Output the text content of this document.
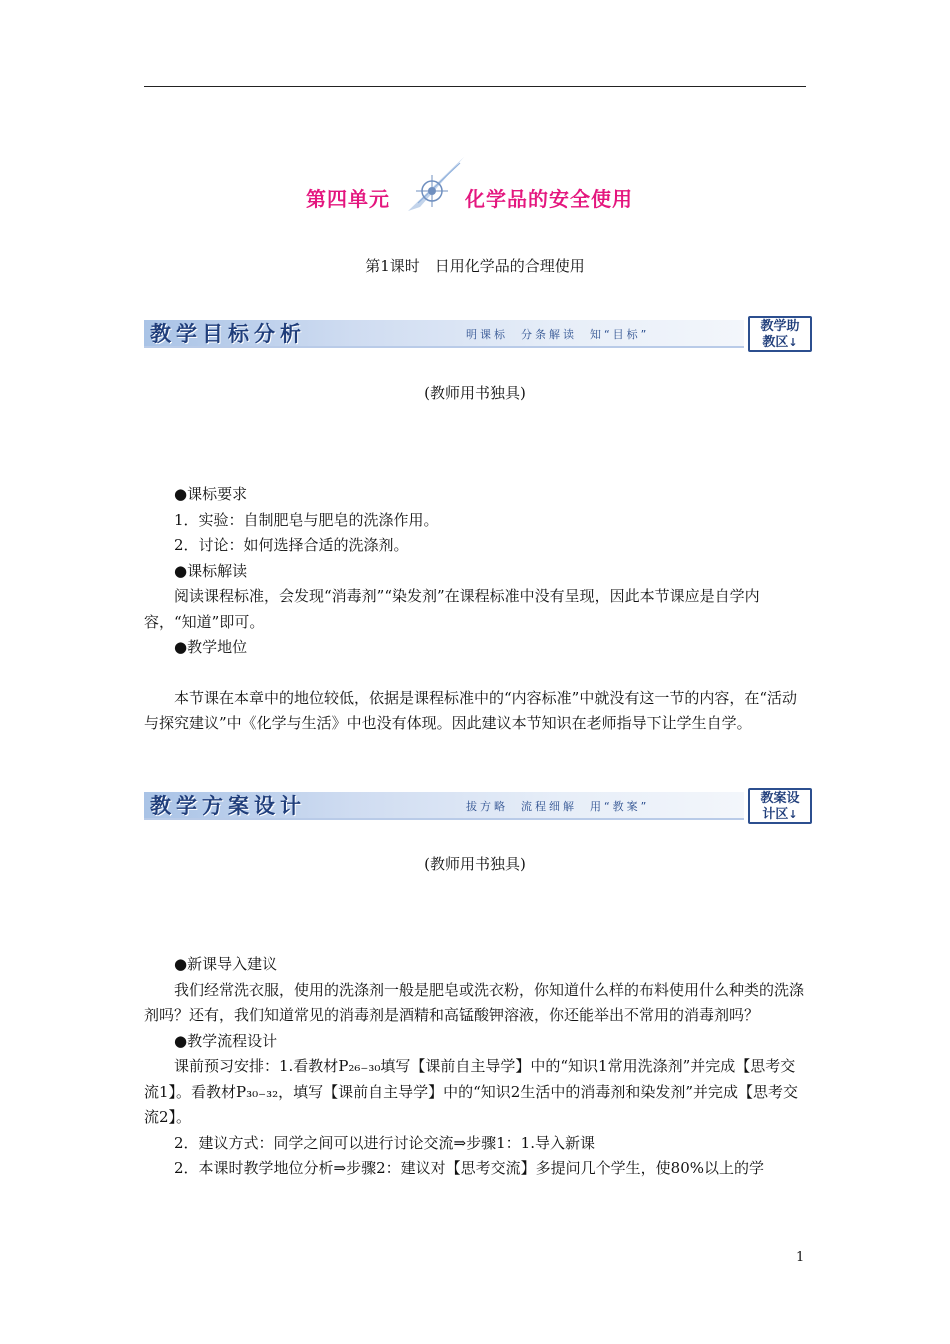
第四单元	化学品的安全使用
第1课时　日用化学品的合理使用
教学目标分析	明课标  分条解读  知“目标”
教学助
教区↓
(教师用书独具)

●课标要求

1．实验：自制肥皂与肥皂的洗涤作用。

2．讨论：如何选择合适的洗涤剂。

●课标解读

阅读课程标准，会发现“消毒剂”“染发剂”在课程标准中没有呈现，因此本节课应是自学内容，“知道”即可。

●教学地位

本节课在本章中的地位较低，依据是课程标准中的“内容标准”中就没有这一节的内容，在“活动与探究建议”中《化学与生活》中也没有体现。因此建议本节知识在老师指导下让学生自学。

教学方案设计	拔方略  流程细解  用“教案”
教案设
计区↓
(教师用书独具)

●新课导入建议

我们经常洗衣服，使用的洗涤剂一般是肥皂或洗衣粉，你知道什么样的布料使用什么种类的洗涤剂吗？还有，我们知道常见的消毒剂是酒精和高锰酸钾溶液，你还能举出不常用的消毒剂吗？

●教学流程设计

课前预习安排：1.看教材P₂₆₋₃₀填写【课前自主导学】中的“知识1常用洗涤剂”并完成【思考交流1】。看教材P₃₀₋₃₂，填写【课前自主导学】中的“知识2生活中的消毒剂和染发剂”并完成【思考交流2】。

2．建议方式：同学之间可以进行讨论交流⇒步骤1：1.导入新课

2．本课时教学地位分析⇒步骤2：建议对【思考交流】多提问几个学生，使80%以上的学

1
